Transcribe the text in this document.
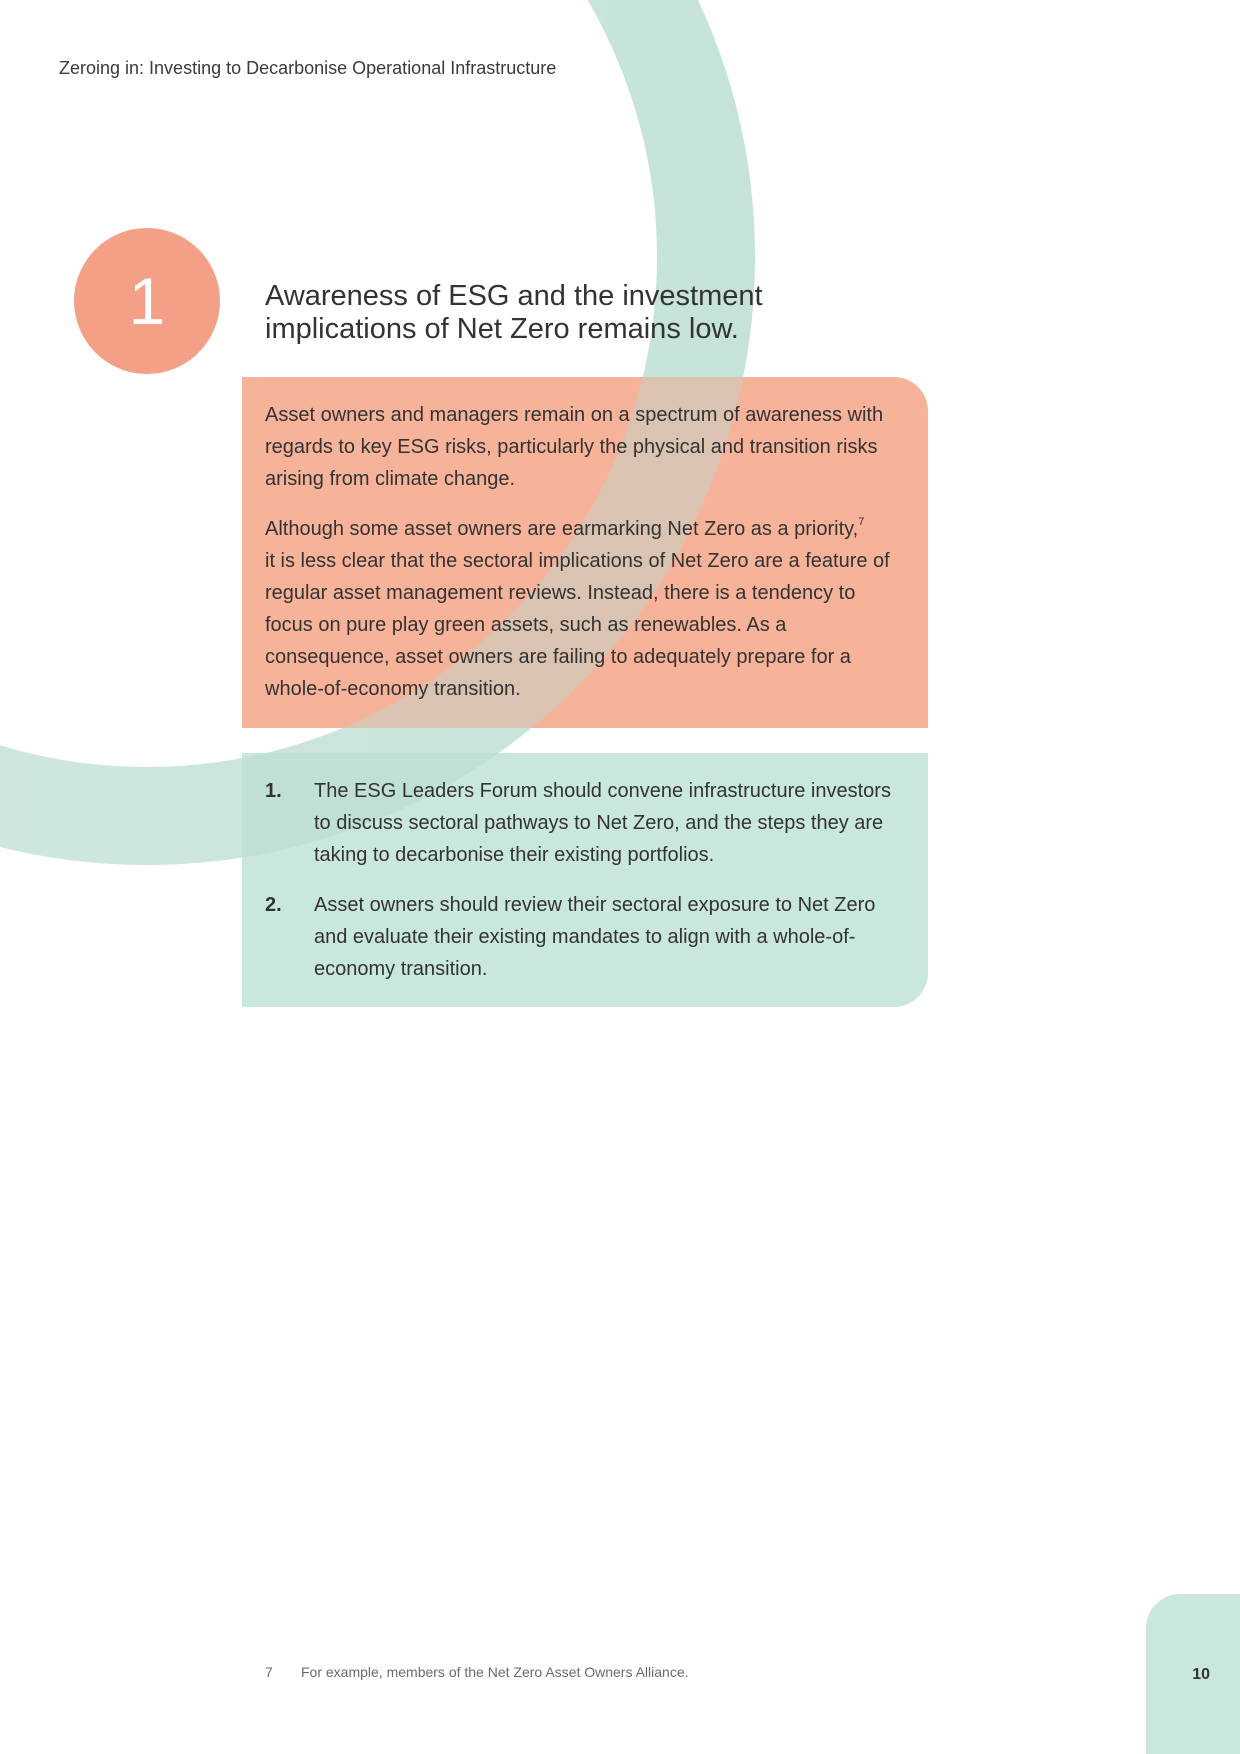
Zeroing in: Investing to Decarbonise Operational Infrastructure
1	Awareness of ESG and the investment implications of Net Zero remains low.

Asset owners and managers remain on a spectrum of awareness with regards to key ESG risks, particularly the physical and transition risks arising from climate change.

Although some asset owners are earmarking Net Zero as a priority,$^7$
it is less clear that the sectoral implications of Net Zero are a feature of regular asset management reviews. Instead, there is a tendency to focus on pure play green assets, such as renewables. As a consequence, asset owners are failing to adequately prepare for a whole-of-economy transition.

1.	The ESG Leaders Forum should convene infrastructure investors to discuss sectoral pathways to Net Zero, and the steps they are taking to decarbonise their existing portfolios.
2.	Asset owners should review their sectoral exposure to Net Zero and evaluate their existing mandates to align with a whole-of-economy transition.
7	For example, members of the Net Zero Asset Owners Alliance.	10
